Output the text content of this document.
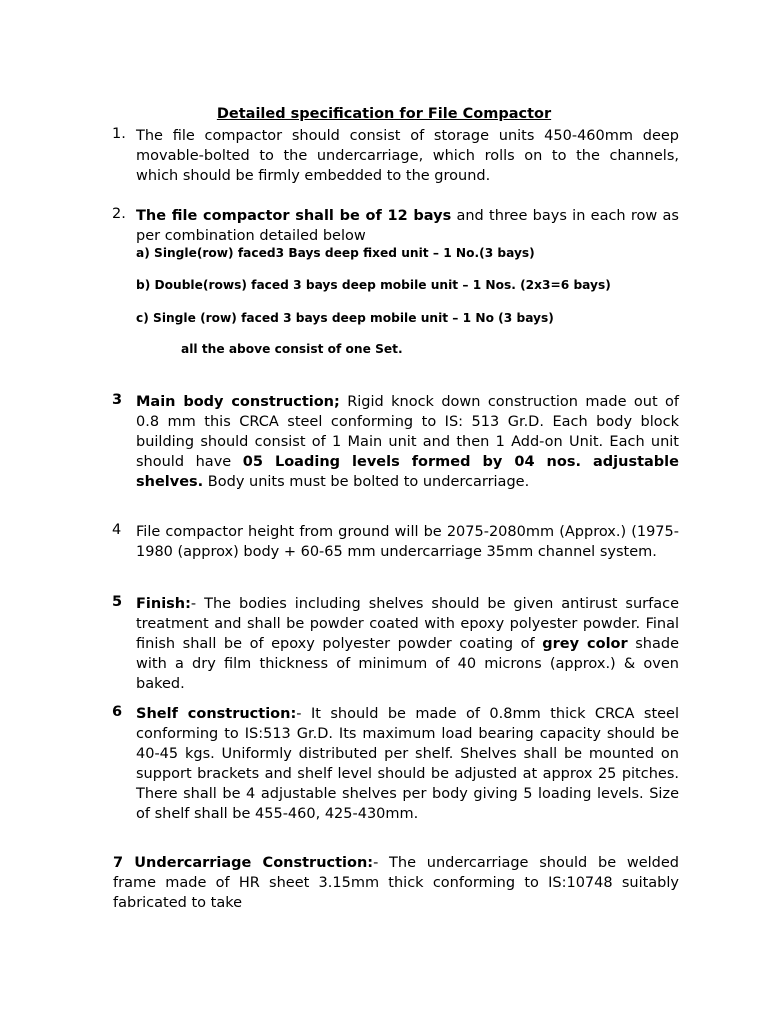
Detailed specification for File Compactor
1. The file compactor should consist of storage units 450-460mm deep movable-bolted to the undercarriage, which rolls on to the channels, which should be firmly embedded to the ground.
2. The file compactor shall be of 12 bays and three bays in each row as per combination detailed below
a) Single(row) faced3 Bays deep fixed unit – 1 No.(3 bays)
b) Double(rows) faced 3 bays deep mobile unit – 1 Nos. (2x3=6 bays)
c) Single (row) faced 3 bays deep mobile unit – 1 No (3 bays)
all the above consist of one Set.
3 Main body construction; Rigid knock down construction made out of 0.8 mm this CRCA steel conforming to IS: 513 Gr.D. Each body block building should consist of 1 Main unit and then 1 Add-on Unit. Each unit should have 05 Loading levels formed by 04 nos. adjustable shelves. Body units must be bolted to undercarriage.
4 File compactor height from ground will be 2075-2080mm (Approx.) (1975-1980 (approx) body + 60-65 mm undercarriage 35mm channel system.
5 Finish:- The bodies including shelves should be given antirust surface treatment and shall be powder coated with epoxy polyester powder. Final finish shall be of epoxy polyester powder coating of grey color shade with a dry film thickness of minimum of 40 microns (approx.) & oven baked.
6 Shelf construction:- It should be made of 0.8mm thick CRCA steel conforming to IS:513 Gr.D. Its maximum load bearing capacity should be 40-45 kgs. Uniformly distributed per shelf. Shelves shall be mounted on support brackets and shelf level should be adjusted at approx 25 pitches. There shall be 4 adjustable shelves per body giving 5 loading levels. Size of shelf shall be 455-460, 425-430mm.
7 Undercarriage Construction:- The undercarriage should be welded frame made of HR sheet 3.15mm thick conforming to IS:10748 suitably fabricated to take
